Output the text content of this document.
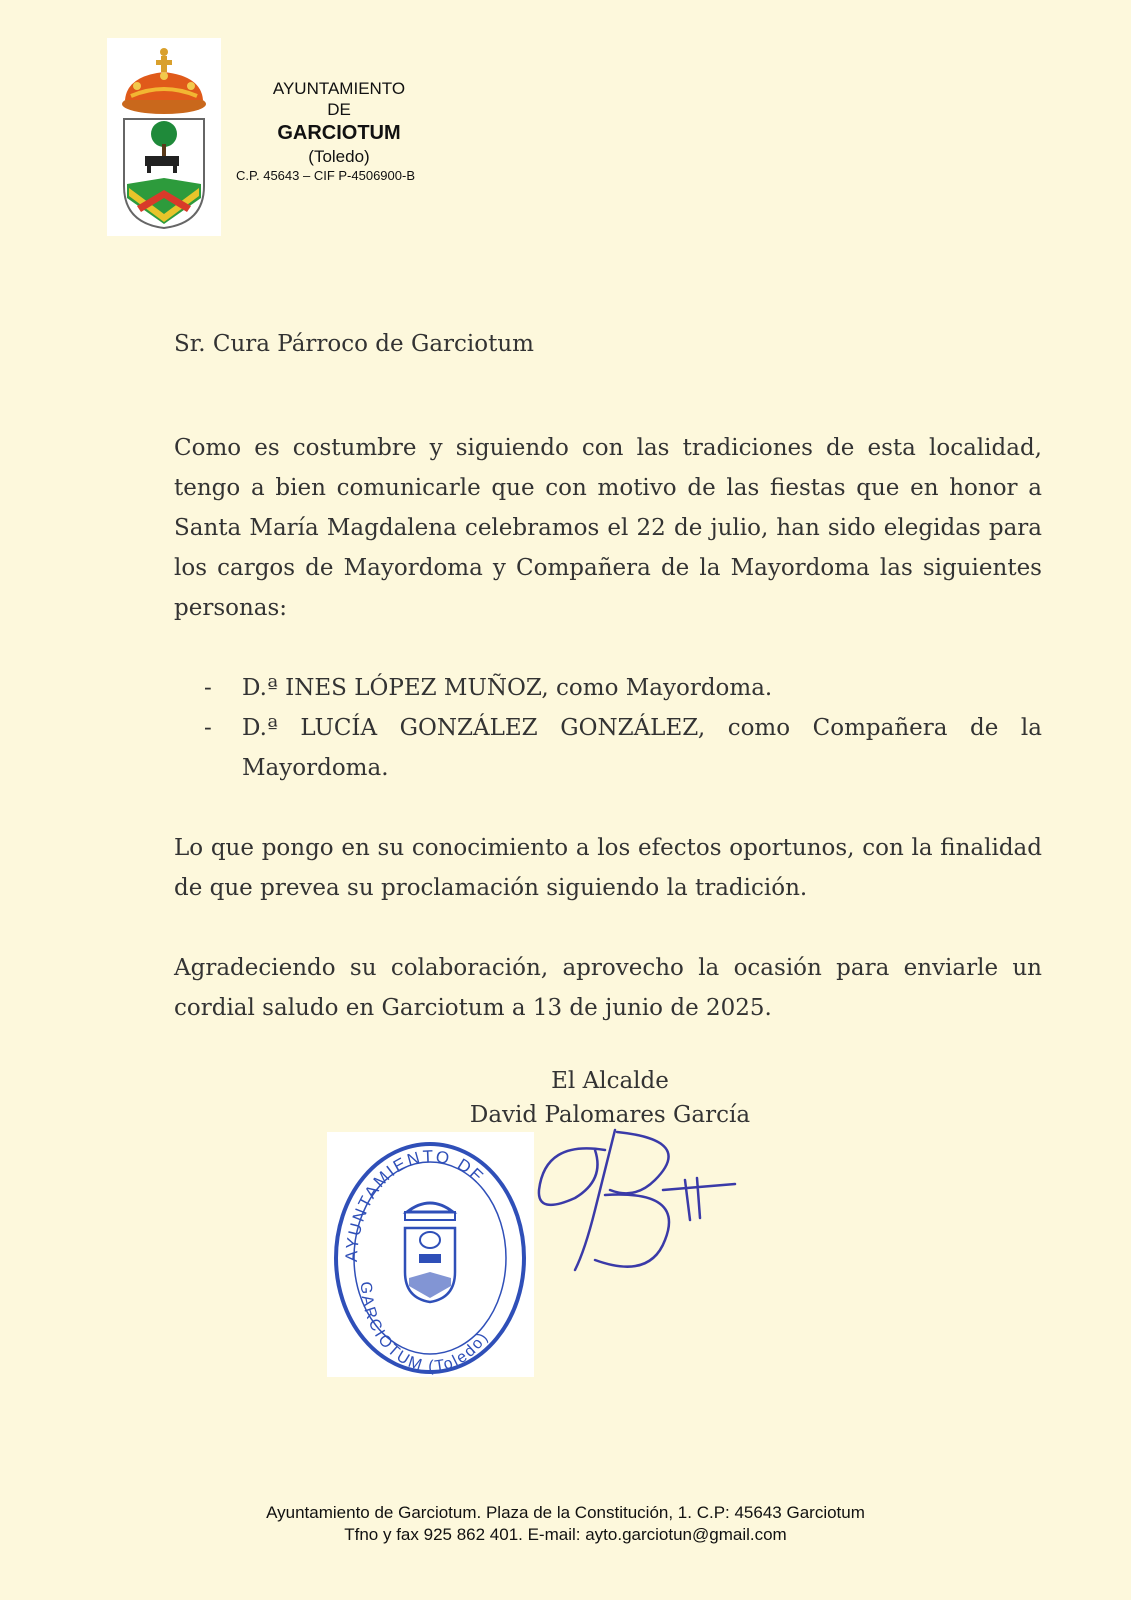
AYUNTAMIENTO
DE
GARCIOTUM
(Toledo)
C.P. 45643 – CIF P-4506900-B
Sr. Cura Párroco de Garciotum
Como es costumbre y siguiendo con las tradiciones de esta localidad, tengo a bien comunicarle que con motivo de las fiestas que en honor a Santa María Magdalena celebramos el 22 de julio, han sido elegidas para los cargos de Mayordoma y Compañera de la Mayordoma las siguientes personas:
-	D.ª INES LÓPEZ MUÑOZ, como Mayordoma.
-	D.ª LUCÍA GONZÁLEZ GONZÁLEZ, como Compañera de la Mayordoma.
Lo que pongo en su conocimiento a los efectos oportunos, con la finalidad de que prevea su proclamación siguiendo la tradición.
Agradeciendo su colaboración, aprovecho la ocasión para enviarle un cordial saludo en Garciotum a 13 de junio de 2025.
El Alcalde
David Palomares García
AYUNTAMIENTO DE
GARCIOTUM (Toledo)
Ayuntamiento de Garciotum. Plaza de la Constitución, 1. C.P: 45643 Garciotum
Tfno y fax 925 862 401. E-mail: ayto.garciotun@gmail.com
